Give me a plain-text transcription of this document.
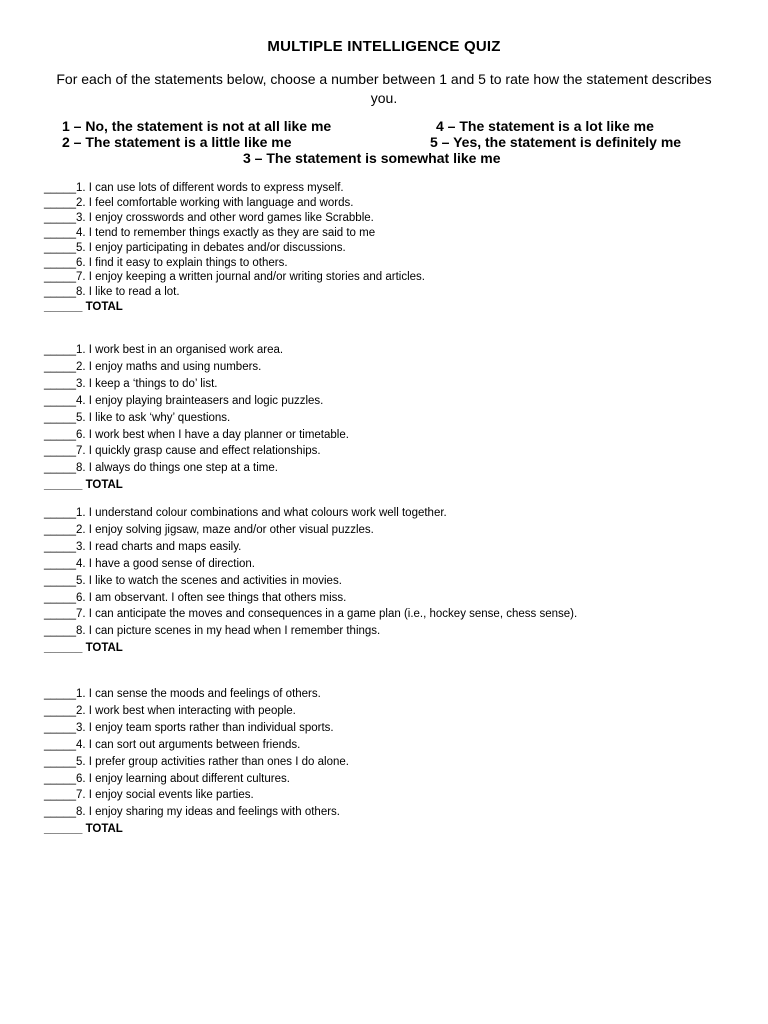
MULTIPLE INTELLIGENCE QUIZ
For each of the statements below, choose a number between 1 and 5 to rate how the statement describes you.
1 – No, the statement is not at all like me	4 – The statement is a lot like me
2 – The statement is a little like me	5 – Yes, the statement is definitely me
3 – The statement is somewhat like me
_____1. I can use lots of different words to express myself.
_____2. I feel comfortable working with language and words.
_____3. I enjoy crosswords and other word games like Scrabble.
_____4. I tend to remember things exactly as they are said to me
_____5. I enjoy participating in debates and/or discussions.
_____6. I find it easy to explain things to others.
_____7. I enjoy keeping a written journal and/or writing stories and articles.
_____8. I like to read a lot.
______ TOTAL
_____1. I work best in an organised work area.
_____2. I enjoy maths and using numbers.
_____3. I keep a ‘things to do’ list.
_____4. I enjoy playing brainteasers and logic puzzles.
_____5. I like to ask ‘why’ questions.
_____6. I work best when I have a day planner or timetable.
_____7. I quickly grasp cause and effect relationships.
_____8. I always do things one step at a time.
______ TOTAL
_____1. I understand colour combinations and what colours work well together.
_____2. I enjoy solving jigsaw, maze and/or other visual puzzles.
_____3. I read charts and maps easily.
_____4. I have a good sense of direction.
_____5. I like to watch the scenes and activities in movies.
_____6. I am observant. I often see things that others miss.
_____7. I can anticipate the moves and consequences in a game plan (i.e., hockey sense, chess sense).
_____8. I can picture scenes in my head when I remember things.
______ TOTAL
_____1. I can sense the moods and feelings of others.
_____2. I work best when interacting with people.
_____3. I enjoy team sports rather than individual sports.
_____4. I can sort out arguments between friends.
_____5. I prefer group activities rather than ones I do alone.
_____6. I enjoy learning about different cultures.
_____7. I enjoy social events like parties.
_____8. I enjoy sharing my ideas and feelings with others.
______ TOTAL
